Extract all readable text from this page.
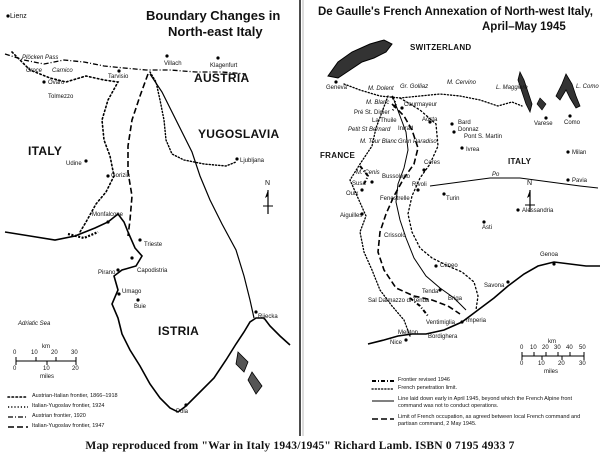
Boundary Changes in
North-east Italy
Lienz
Plöcken Pass
Croce Carnico
Ovaro
Tolmezzo
Tarvisio
Villach	Klagenfurt
AUSTRIA
YUGOSLAVIA
ITALY
Udine	Ljubljana
Gorizia
Monfalcone
Trieste
Capodistria
Pirano
Umago
Buie
ISTRIA
Rijecka
Pola
Adriatic Sea
N
km
0 10 20 30
0	10	20
miles
Austrian-Italian frontier, 1866–1918
Italian-Yugoslav frontier, 1924
Austrian frontier, 1920
Italian-Yugoslav frontier, 1947
De Gaulle's French Annexation of North-west Italy,
April–May 1945
SWITZERLAND
FRANCE
ITALY
Geneva	M. Dolent Gr. Golliaz
M. Cervino
M. Blanc Courmayeur
Pré St. Didier
La Thuile	Aosta	Bard
Donnaz
Pont S. Martin
Petit St Bernard Intrad
M. Tour Blanc Gran Paradiso
Ivrea
M. Cenis
Ceres
Susa
Bussoleno
Oulx
Fenestrelle
Rivoli
Turin
Aiguilles
Crissolo
Asti
Alessandria
Cüneo
Genoa
Savona
Tenda
Briga
Sal Dalmazzo di Tenda
Ventimiglia
Menton
Imperia
Nice
Bordighera
L. Maggiore	L. Como
Varese Como
Milan
Pavia
Po
N
km
0 10 20 30 40 50
0 10 20 30
miles
Frontier revised 1946
French penetration limit.
Line laid down early in April 1945, beyond which the French Alpine front command was not to conduct operations.
Limit of French occupation, as agreed between local French command and partisan command, 2 May 1945.
Map reproduced from "War in Italy 1943/1945" Richard Lamb. ISBN 0 7195 4933 7
